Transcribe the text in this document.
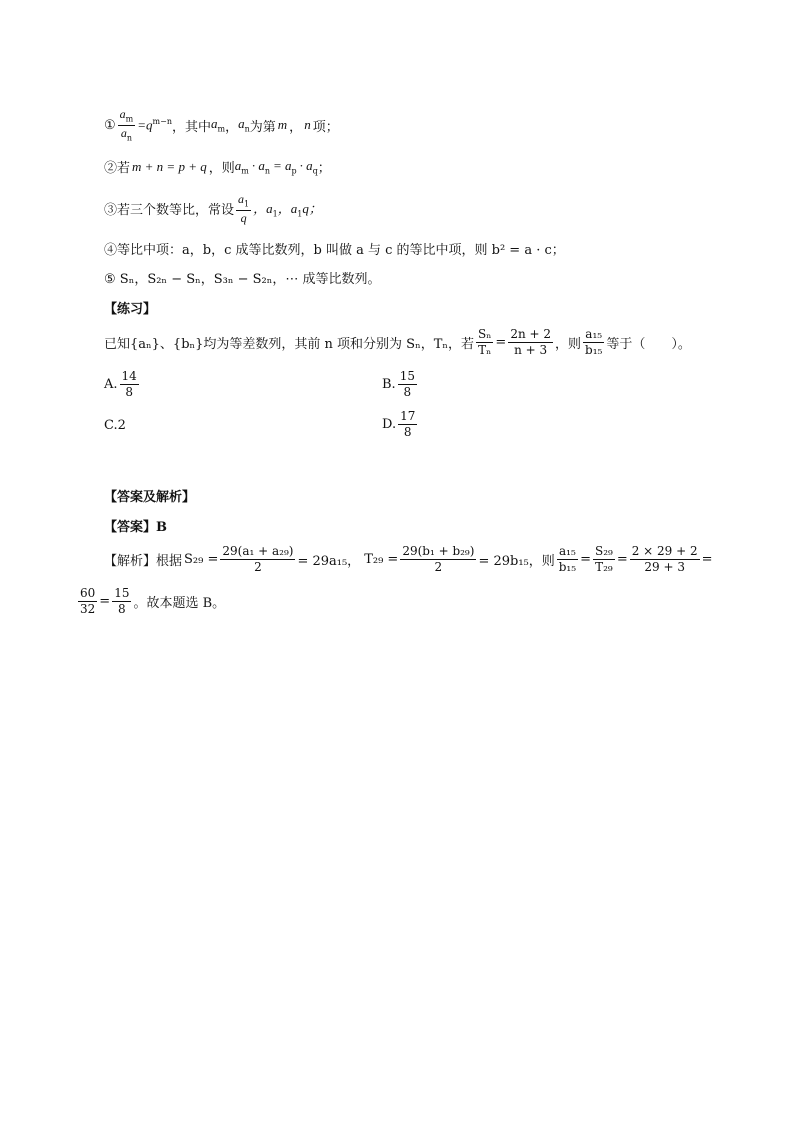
① $\frac{a_m}{a_n} =q^{m-n}$ ，其中 $a_m$ ， $a_n$ 为第 m ， n 项；
②若 m + n = p + q ，则 $a_m \cdot a_n = a_p \cdot a_q$ ；
③若三个数等比，常设 $\frac{a_1}{q}$ ，$a_1$ ，$a_1q$；
④等比中项：a，b，c 成等比数列，b 叫做 a 与 c 的等比中项，则 b² = a · c；
⑤ Sₙ，S₂ₙ − Sₙ，S₃ₙ − S₂ₙ，⋯ 成等比数列。
【练习】
已知{aₙ}、{bₙ}均为等差数列，其前 n 项和分别为 Sₙ，Tₙ，若 $\frac{\text{Sₙ}}{\text{Tₙ}} = \frac{2n + 2}{n + 3}$ ，则 $\frac{\text{a₁₅}}{\text{b₁₅}}$ 等于（　　）。
A. $\frac{14}{8}$	B. $\frac{15}{8}$
C.2	D. $\frac{17}{8}$
【答案及解析】
【答案】B
【解析】根据 $S_{29} = \frac{\text{29(a₁ + a₂₉)}}{2} = 29a_{15}$， $T_{29} = \frac{\text{29(b₁ + b₂₉)}}{2} = 29b_{15}$，则 $\frac{\text{a₁₅}}{\text{b₁₅}} = \frac{\text{S₂₉}}{\text{T₂₉}} = \frac{2 \times 29 + 2}{29 + 3}$ =
$\frac{60}{32} = \frac{15}{8}$ 。故本题选 B。
